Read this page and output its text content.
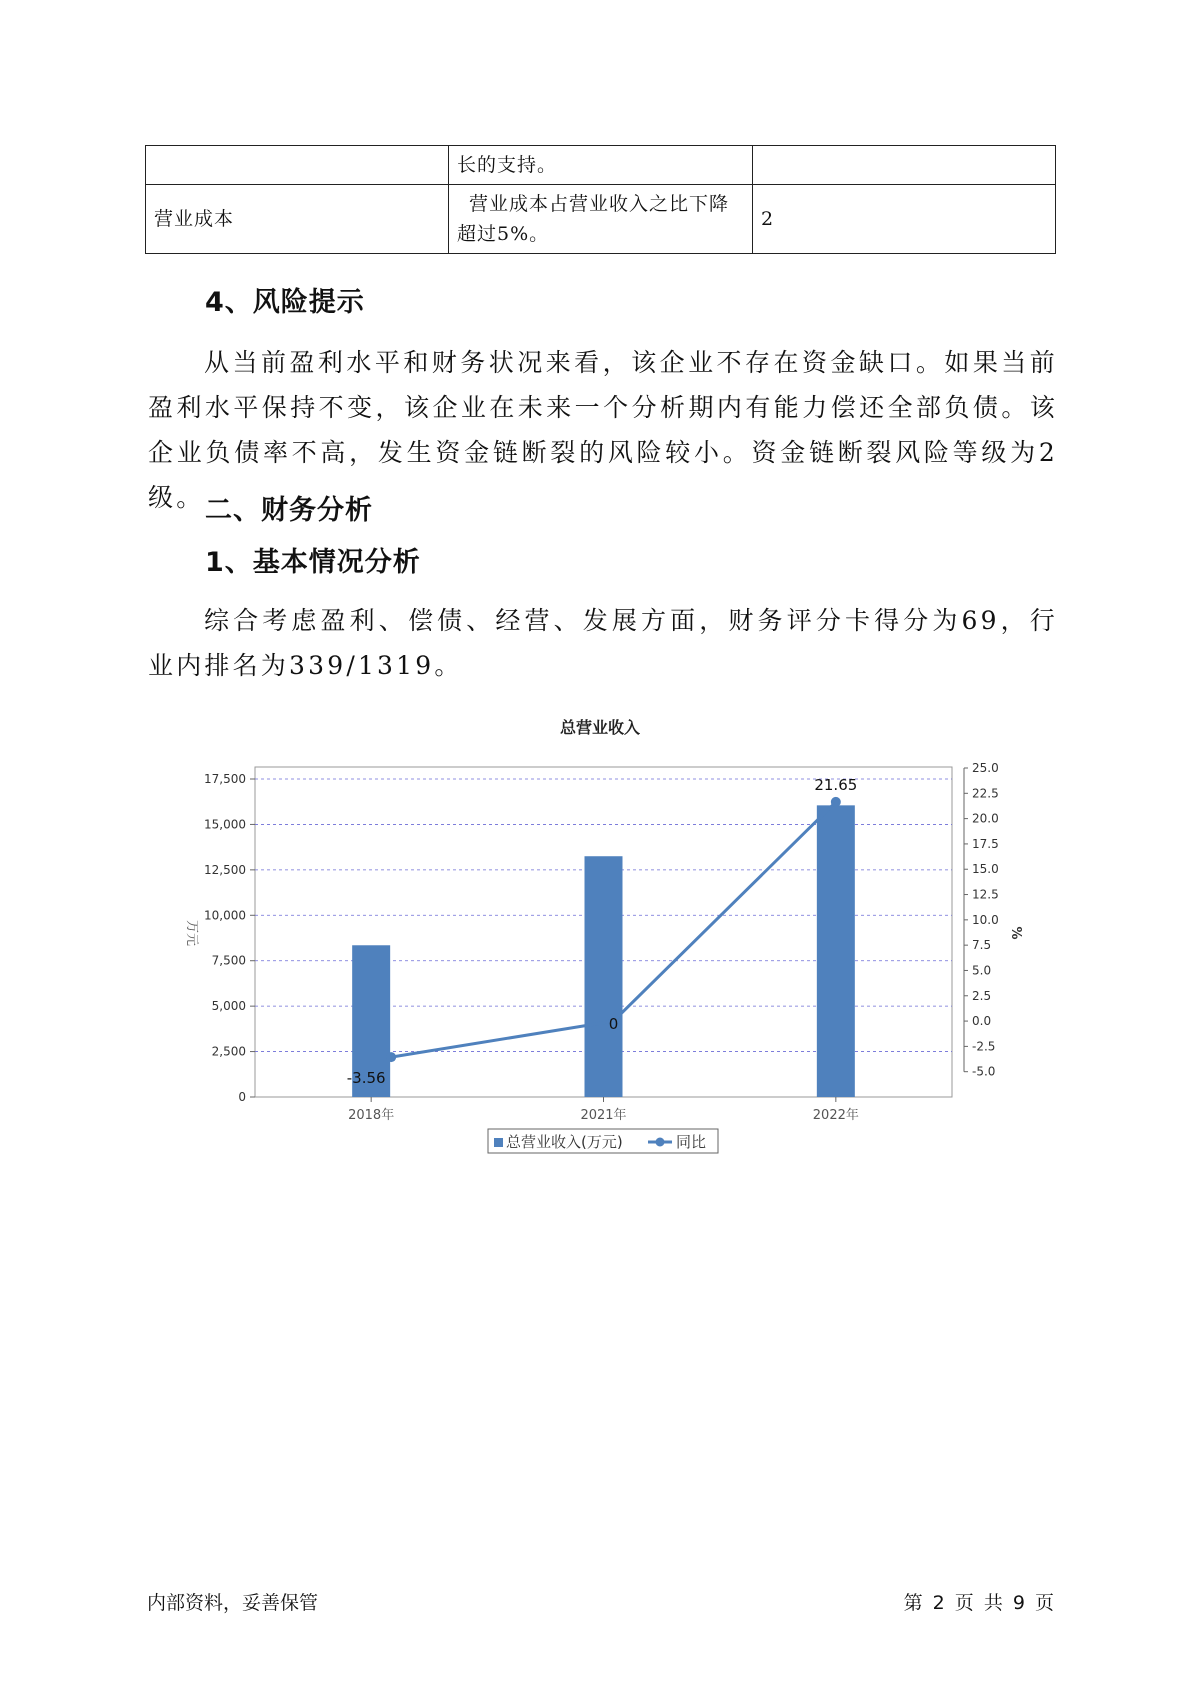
	长的支持。	
营业成本	营业成本占营业收入之比下降超过5%。	2
4、风险提示

从当前盈利水平和财务状况来看，该企业不存在资金缺口。如果当前盈利水平保持不变，该企业在未来一个分析期内有能力偿还全部负债。该企业负债率不高，发生资金链断裂的风险较小。资金链断裂风险等级为2级。 二、财务分析
1、基本情况分析

综合考虑盈利、偿债、经营、发展方面，财务评分卡得分为69，行业内排名为339/1319。

总营业收入
0
2,500
5,000
7,500
10,000
12,500
15,000
17,500
-5.0
-2.5
0.0
2.5
5.0
7.5
10.0
12.5
15.0
17.5
20.0
22.5
25.0
-3.56
0
21.65
2018年	2021年	2022年
万元	%
总营业收入(万元)	同比
内部资料，妥善保管	第 2 页 共 9 页
